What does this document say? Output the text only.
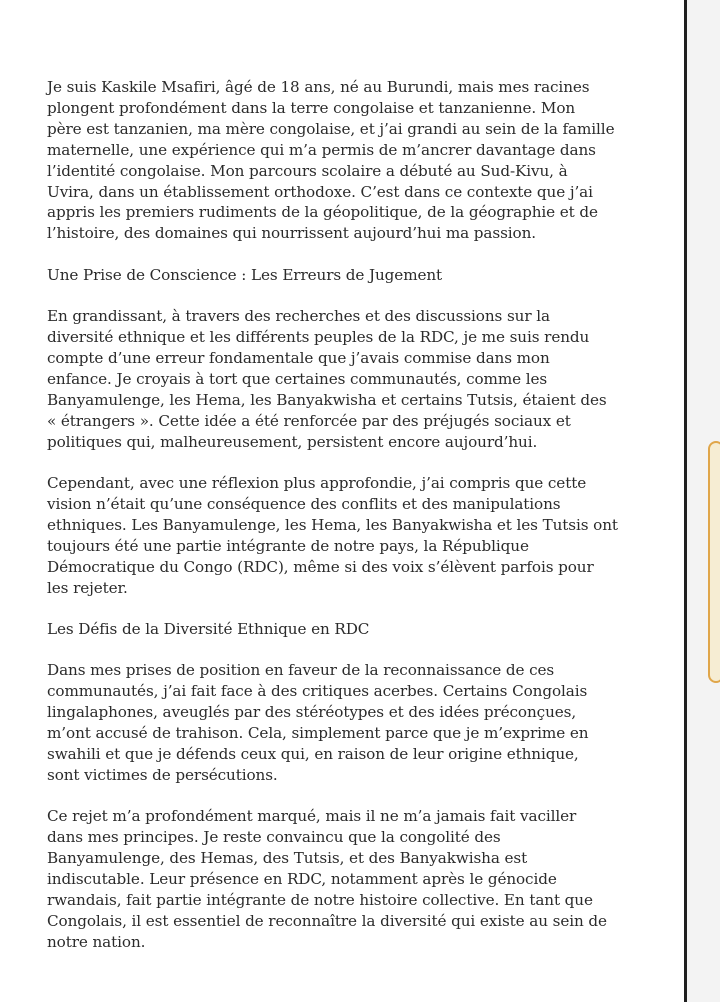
Je suis Kaskile Msafiri, âgé de 18 ans, né au Burundi, mais mes racines
plongent profondément dans la terre congolaise et tanzanienne. Mon
père est tanzanien, ma mère congolaise, et j’ai grandi au sein de la famille
maternelle, une expérience qui m’a permis de m’ancrer davantage dans
l’identité congolaise. Mon parcours scolaire a débuté au Sud-Kivu, à
Uvira, dans un établissement orthodoxe. C’est dans ce contexte que j’ai
appris les premiers rudiments de la géopolitique, de la géographie et de
l’histoire, des domaines qui nourrissent aujourd’hui ma passion.

Une Prise de Conscience : Les Erreurs de Jugement

En grandissant, à travers des recherches et des discussions sur la
diversité ethnique et les différents peuples de la RDC, je me suis rendu
compte d’une erreur fondamentale que j’avais commise dans mon
enfance. Je croyais à tort que certaines communautés, comme les
Banyamulenge, les Hema, les Banyakwisha et certains Tutsis, étaient des
« étrangers ». Cette idée a été renforcée par des préjugés sociaux et
politiques qui, malheureusement, persistent encore aujourd’hui.

Cependant, avec une réflexion plus approfondie, j’ai compris que cette
vision n’était qu’une conséquence des conflits et des manipulations
ethniques. Les Banyamulenge, les Hema, les Banyakwisha et les Tutsis ont
toujours été une partie intégrante de notre pays, la République
Démocratique du Congo (RDC), même si des voix s’élèvent parfois pour
les rejeter.

Les Défis de la Diversité Ethnique en RDC

Dans mes prises de position en faveur de la reconnaissance de ces
communautés, j’ai fait face à des critiques acerbes. Certains Congolais
lingalaphones, aveuglés par des stéréotypes et des idées préconçues,
m’ont accusé de trahison. Cela, simplement parce que je m’exprime en
swahili et que je défends ceux qui, en raison de leur origine ethnique,
sont victimes de persécutions.

Ce rejet m’a profondément marqué, mais il ne m’a jamais fait vaciller
dans mes principes. Je reste convaincu que la congolité des
Banyamulenge, des Hemas, des Tutsis, et des Banyakwisha est
indiscutable. Leur présence en RDC, notamment après le génocide
rwandais, fait partie intégrante de notre histoire collective. En tant que
Congolais, il est essentiel de reconnaître la diversité qui existe au sein de
notre nation.
